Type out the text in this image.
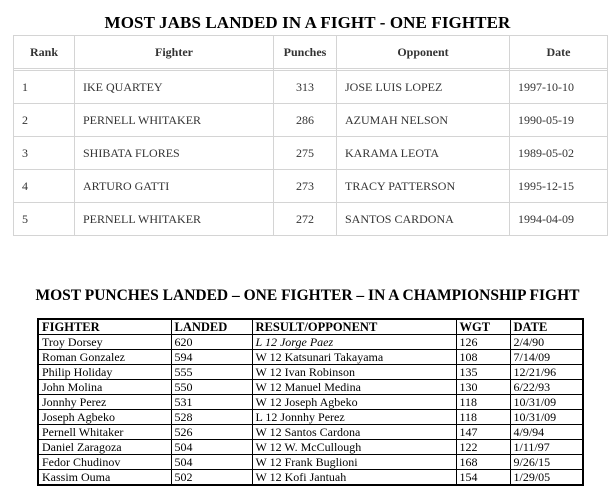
MOST JABS LANDED IN A FIGHT - ONE FIGHTER
Rank	Fighter	Punches	Opponent	Date

1	IKE QUARTEY	313	JOSE LUIS LOPEZ	1997-10-10
2	PERNELL WHITAKER	286	AZUMAH NELSON	1990-05-19
3	SHIBATA FLORES	275	KARAMA LEOTA	1989-05-02
4	ARTURO GATTI	273	TRACY PATTERSON	1995-12-15
5	PERNELL WHITAKER	272	SANTOS CARDONA	1994-04-09
MOST PUNCHES LANDED – ONE FIGHTER – IN A CHAMPIONSHIP FIGHT
FIGHTER	LANDED	RESULT/OPPONENT	WGT	DATE
Troy Dorsey	620	L 12 Jorge Paez	126	2/4/90
Roman Gonzalez	594	W 12 Katsunari Takayama	108	7/14/09
Philip Holiday	555	W 12 Ivan Robinson	135	12/21/96
John Molina	550	W 12 Manuel Medina	130	6/22/93
Jonnhy Perez	531	W 12 Joseph Agbeko	118	10/31/09
Joseph Agbeko	528	L 12 Jonnhy Perez	118	10/31/09
Pernell Whitaker	526	W 12 Santos Cardona	147	4/9/94
Daniel Zaragoza	504	W 12 W. McCullough	122	1/11/97
Fedor Chudinov	504	W 12 Frank Buglioni	168	9/26/15
Kassim Ouma	502	W 12 Kofi Jantuah	154	1/29/05
